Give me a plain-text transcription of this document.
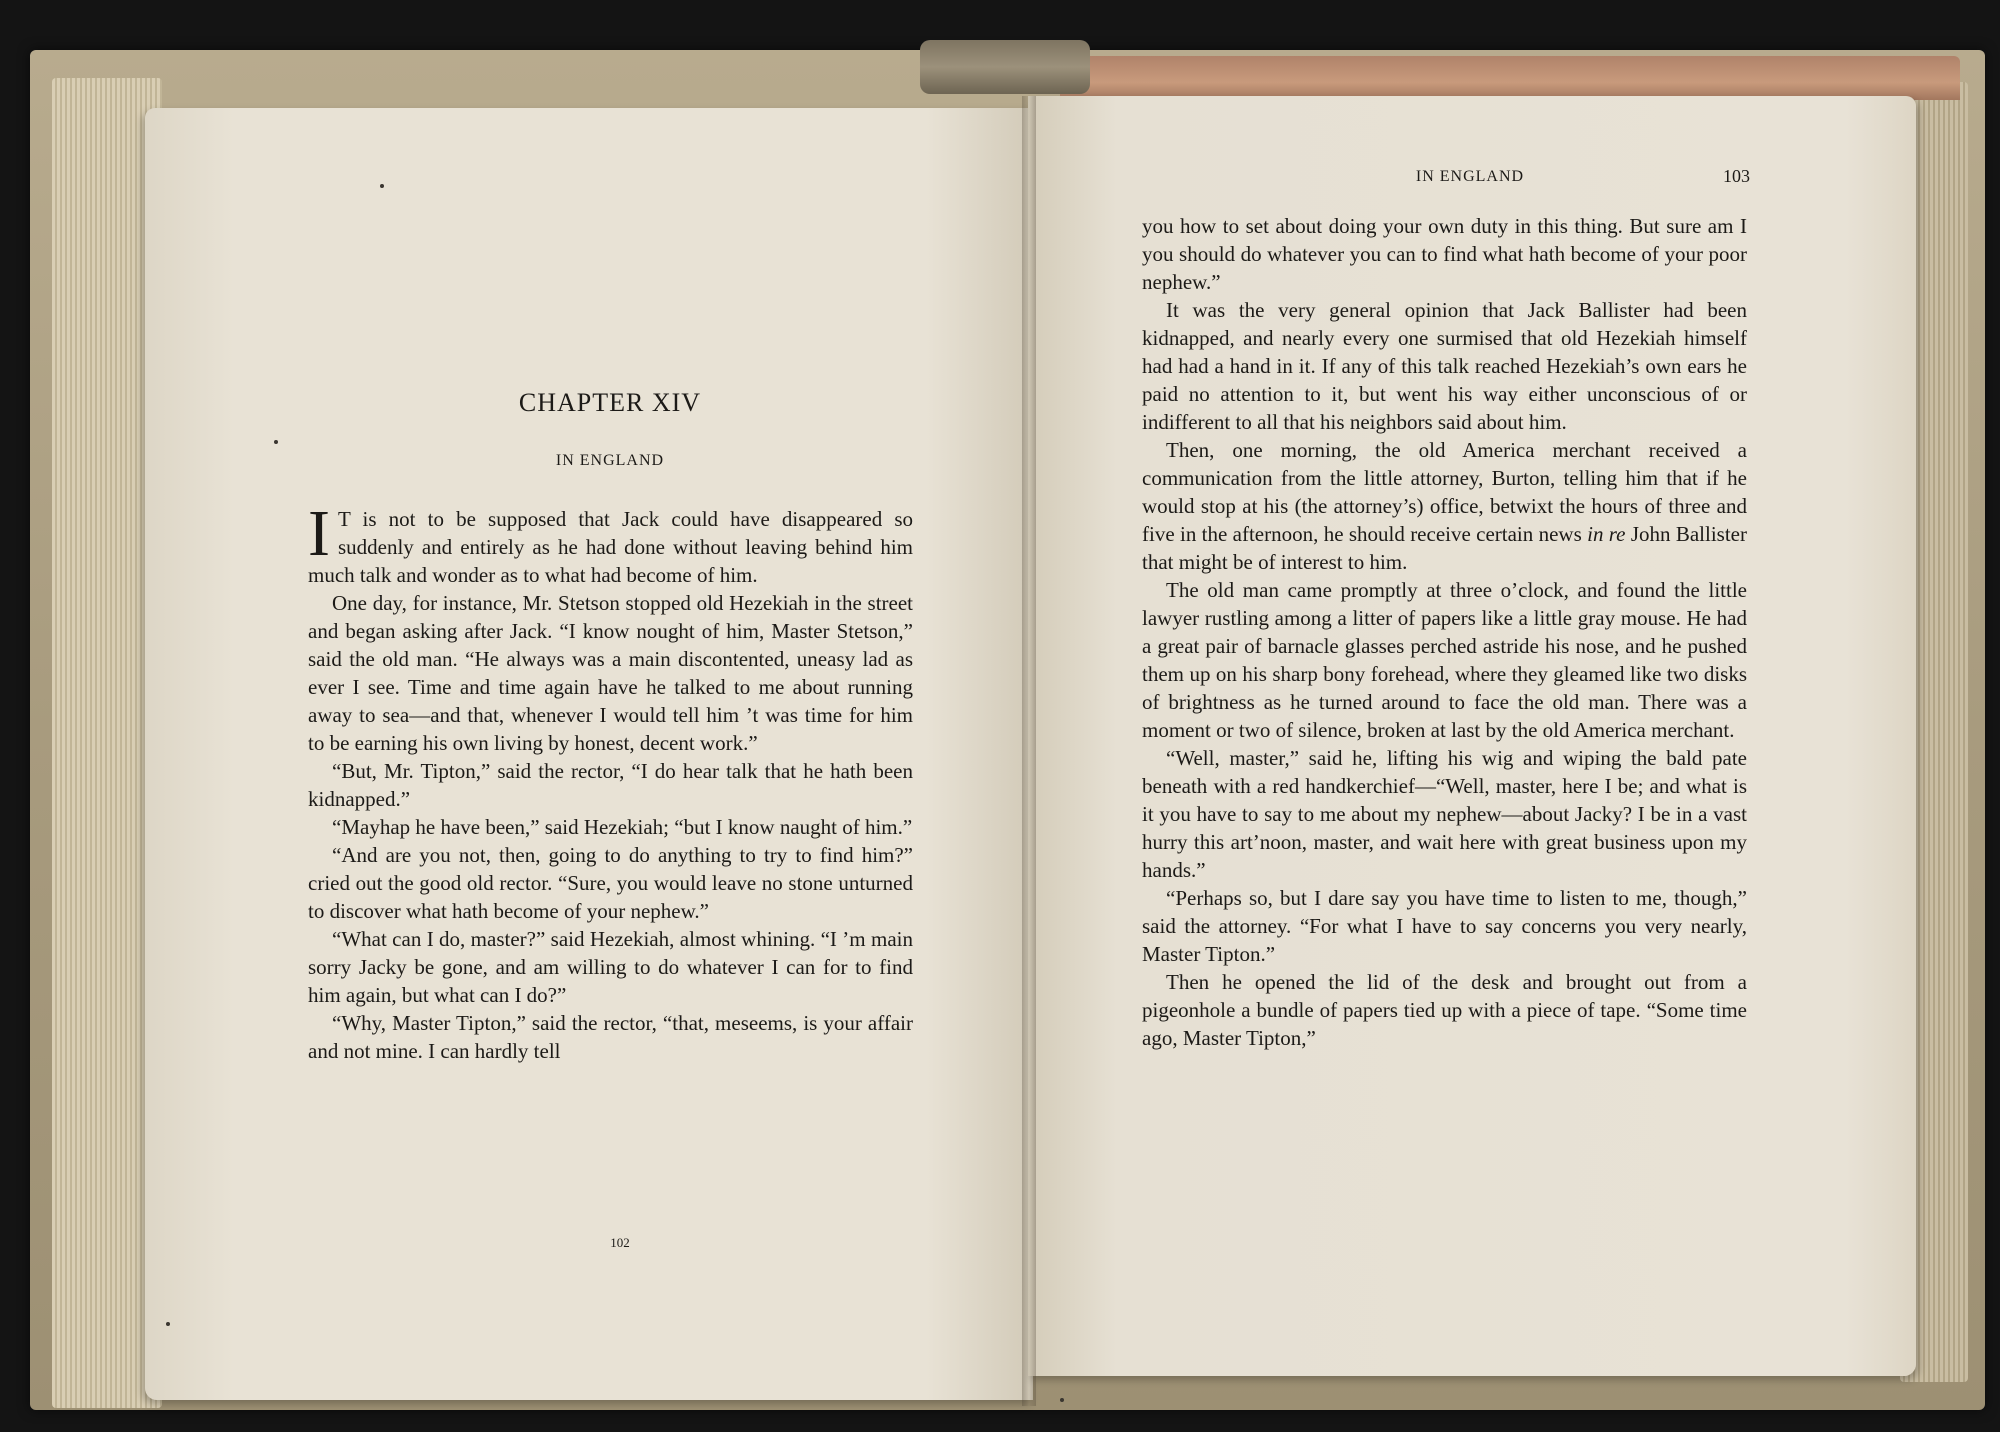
CHAPTER XIV
IN ENGLAND

I T is not to be supposed that Jack could have disappeared so suddenly and entirely as he had done without leaving behind him much talk and wonder as to what had become of him.

One day, for instance, Mr. Stetson stopped old Hezekiah in the street and began asking after Jack. “I know nought of him, Master Stetson,” said the old man. “He always was a main discontented, uneasy lad as ever I see. Time and time again have he talked to me about running away to sea—and that, whenever I would tell him ’t was time for him to be earning his own living by honest, decent work.”

“But, Mr. Tipton,” said the rector, “I do hear talk that he hath been kidnapped.”

“Mayhap he have been,” said Hezekiah; “but I know naught of him.”

“And are you not, then, going to do anything to try to find him?” cried out the good old rector. “Sure, you would leave no stone unturned to discover what hath become of your nephew.”

“What can I do, master?” said Hezekiah, almost whining. “I ’m main sorry Jacky be gone, and am willing to do whatever I can for to find him again, but what can I do?”

“Why, Master Tipton,” said the rector, “that, meseems, is your affair and not mine. I can hardly tell

102
IN ENGLAND	103

you how to set about doing your own duty in this thing. But sure am I you should do whatever you can to find what hath become of your poor nephew.”

It was the very general opinion that Jack Ballister had been kidnapped, and nearly every one surmised that old Hezekiah himself had had a hand in it. If any of this talk reached Hezekiah’s own ears he paid no attention to it, but went his way either unconscious of or indifferent to all that his neighbors said about him.

Then, one morning, the old America merchant received a communication from the little attorney, Burton, telling him that if he would stop at his (the attorney’s) office, betwixt the hours of three and five in the afternoon, he should receive certain news in re John Ballister that might be of interest to him.

The old man came promptly at three o’clock, and found the little lawyer rustling among a litter of papers like a little gray mouse. He had a great pair of barnacle glasses perched astride his nose, and he pushed them up on his sharp bony forehead, where they gleamed like two disks of brightness as he turned around to face the old man. There was a moment or two of silence, broken at last by the old America merchant.

“Well, master,” said he, lifting his wig and wiping the bald pate beneath with a red handkerchief—“Well, master, here I be; and what is it you have to say to me about my nephew—about Jacky? I be in a vast hurry this art’noon, master, and wait here with great business upon my hands.”

“Perhaps so, but I dare say you have time to listen to me, though,” said the attorney. “For what I have to say concerns you very nearly, Master Tipton.”

Then he opened the lid of the desk and brought out from a pigeonhole a bundle of papers tied up with a piece of tape. “Some time ago, Master Tipton,”
